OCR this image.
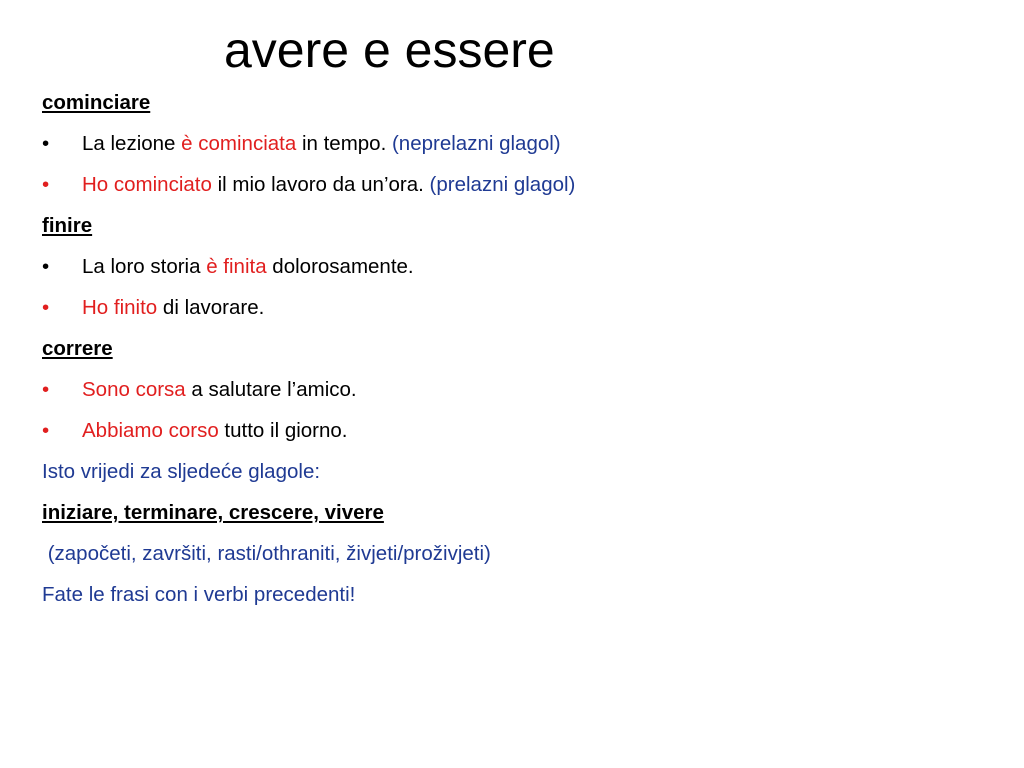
avere e essere
cominciare
•	La lezione è cominciata in tempo. (neprelazni glagol)
•	Ho cominciato il mio lavoro da un’ora. (prelazni glagol)
finire
•	La loro storia è finita dolorosamente.
•	Ho finito di lavorare.
correre
•	Sono corsa a salutare l’amico.
•	Abbiamo corso tutto il giorno.
Isto vrijedi za sljedeće glagole:
iniziare, terminare, crescere, vivere
(započeti, završiti, rasti/othraniti, živjeti/proživjeti)
Fate le frasi con i verbi precedenti!
